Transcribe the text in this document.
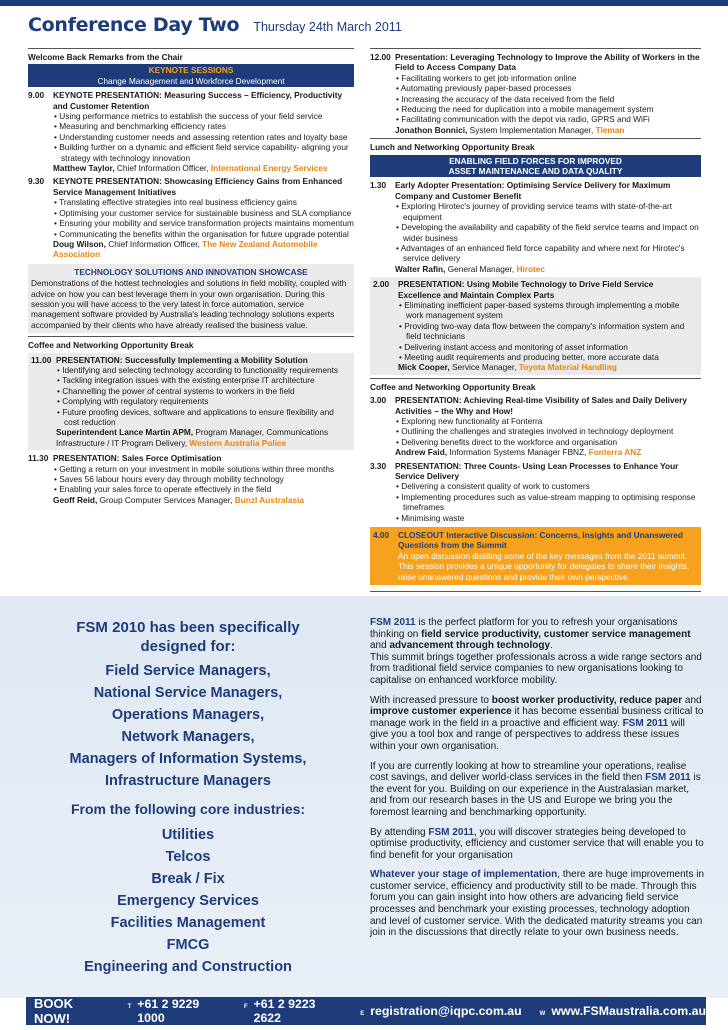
Conference Day Two Thursday 24th March 2011
Welcome Back Remarks from the Chair
KEYNOTE SESSIONS
Change Management and Workforce Development
9.00	KEYNOTE PRESENTATION: Measuring Success – Efficiency, Productivity and Customer Retention
• Using performance metrics to establish the success of your field service
• Measuring and benchmarking efficiency rates
• Understanding customer needs and assessing retention rates and loyalty base
• Building further on a dynamic and efficient field service capability- aligning your strategy with technology innovation
Matthew Taylor, Chief Information Officer, International Energy Services
9.30	KEYNOTE PRESENTATION: Showcasing Efficiency Gains from Enhanced Service Management Initiatives
• Translating effective strategies into real business efficiency gains
• Optimising your customer service for sustainable business and SLA compliance
• Ensuring your mobility and service transformation projects maintains momentum
• Communicating the benefits within the organisation for future upgrade potential
Doug Wilson, Chief Information Officer, The New Zealand Automobile Association
TECHNOLOGY SOLUTIONS AND INNOVATION SHOWCASE
Demonstrations of the hottest technologies and solutions in field mobility, coupled with advice on how you can best leverage them in your own organisation. During this session you will have access to the very latest in force automation, service management software provided by Australia's leading technology solutions experts accompanied by their clients who have already realised the business value.
Coffee and Networking Opportunity Break
11.00 PRESENTATION: Successfully Implementing a Mobility Solution
• Identifying and selecting technology according to functionality requirements
• Tackling integration issues with the existing enterprise IT architecture
• Channelling the power of central systems to workers in the field
• Complying with regulatory requirements
• Future proofing devices, software and applications to ensure flexibility and cost reduction
Superintendent Lance Martin APM, Program Manager, Communications Infrastructure / IT Program Delivery, Western Australia Police
11.30 PRESENTATION: Sales Force Optimisation
• Getting a return on your investment in mobile solutions within three months
• Saves 56 labour hours every day through mobility technology
• Enabling your sales force to operate effectively in the field
Geoff Reid, Group Computer Services Manager, Bunzl Australasia
12.00 Presentation: Leveraging Technology to Improve the Ability of Workers in the Field to Access Company Data
• Facilitating workers to get job information online
• Automating previously paper-based processes
• Increasing the accuracy of the data received from the field
• Reducing the need for duplication into a mobile management system
• Facilitating communication with the depot via radio, GPRS and WiFi
Jonathon Bonnici, System Implementation Manager, Tieman
Lunch and Networking Opportunity Break
ENABLING FIELD FORCES FOR IMPROVED
ASSET MAINTENANCE AND DATA QUALITY
1.30	Early Adopter Presentation: Optimising Service Delivery for Maximum Company and Customer Benefit
• Exploring Hirotec's journey of providing service teams with state-of-the-art equipment
• Developing the availability and capability of the field service teams and impact on wider business
• Advantages of an enhanced field force capability and where next for Hirotec's service delivery
Walter Rafin, General Manager, Hirotec
2.00	PRESENTATION: Using Mobile Technology to Drive Field Service Excellence and Maintain Complex Parts
• Eliminating inefficient paper-based systems through implementing a mobile work management system
• Providing two-way data flow between the company's information system and field technicians
• Delivering instant access and monitoring of asset information
• Meeting audit requirements and producing better, more accurate data
Mick Cooper, Service Manager, Toyota Material Handling
Coffee and Networking Opportunity Break
3.00	PRESENTATION: Achieving Real-time Visibility of Sales and Daily Delivery Activities – the Why and How!
• Exploring new functionality at Fonterra
• Outlining the challenges and strategies involved in technology deployment
• Delivering benefits direct to the workforce and organisation
Andrew Faid, Information Systems Manager FBNZ, Fonterra ANZ
3.30	PRESENTATION: Three Counts- Using Lean Processes to Enhance Your Service Delivery
• Delivering a consistent quality of work to customers
• Implementing procedures such as value-stream mapping to optimising response timeframes
• Minimising waste
4.00	CLOSEOUT Interactive Discussion: Concerns, Insights and Unanswered Questions from the Summit
An open discussion distilling some of the key messages from the 2011 summit. This session provides a unique opportunity for delegates to share their insights, raise unanswered questions and provide their own perspective.
FSM 2010 has been specifically
designed for:
Field Service Managers,
National Service Managers,
Operations Managers,
Network Managers,
Managers of Information Systems,
Infrastructure Managers
From the following core industries:
Utilities
Telcos
Break / Fix
Emergency Services
Facilities Management
FMCG
Engineering and Construction

FSM 2011 is the perfect platform for you to refresh your organisations thinking on field service productivity, customer service management and advancement through technology.
This summit brings together professionals across a wide range sectors and from traditional field service companies to new organisations looking to capitalise on enhanced workforce mobility.

With increased pressure to boost worker productivity, reduce paper and improve customer experience it has become essential business critical to manage work in the field in a proactive and efficient way. FSM 2011 will give you a tool box and range of perspectives to address these issues within your own organisation.

If you are currently looking at how to streamline your operations, realise cost savings, and deliver world-class services in the field then FSM 2011 is the event for you. Building on our experience in the Australasian market, and from our research bases in the US and Europe we bring you the foremost learning and benchmarking opportunity.

By attending FSM 2011, you will discover strategies being developed to optimise productivity, efficiency and customer service that will enable you to find benefit for your organisation

Whatever your stage of implementation, there are huge improvements in customer service, efficiency and productivity still to be made. Through this forum you can gain insight into how others are advancing field service processes and benchmark your existing processes, technology adoption and level of customer service. With the dedicated maturity streams you can join in the discussions that directly relate to your own business needs.

BOOK NOW!
T +61 2 9229 1000
F +61 2 9223 2622	E registration@iqpc.com.au	W www.FSMaustralia.com.au
